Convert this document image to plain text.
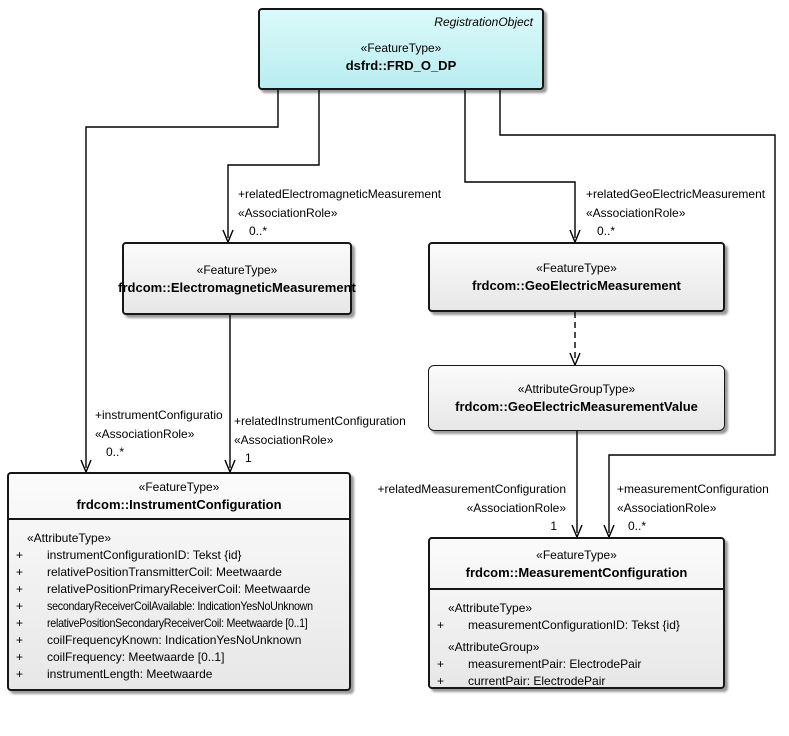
RegistrationObject
«FeatureType»
dsfrd::FRD_O_DP
«FeatureType»
frdcom::ElectromagneticMeasurement
«FeatureType»
frdcom::GeoElectricMeasurement
«AttributeGroupType»
frdcom::GeoElectricMeasurementValue
«FeatureType»
frdcom::InstrumentConfiguration
«AttributeType»
+	instrumentConfigurationID: Tekst {id}
+	relativePositionTransmitterCoil: Meetwaarde
+	relativePositionPrimaryReceiverCoil: Meetwaarde
+	secondaryReceiverCoilAvailable: IndicationYesNoUnknown
+	relativePositionSecondaryReceiverCoil: Meetwaarde [0..1]
+	coilFrequencyKnown: IndicationYesNoUnknown
+	coilFrequency: Meetwaarde [0..1]
+	instrumentLength: Meetwaarde
«FeatureType»
frdcom::MeasurementConfiguration
«AttributeType»
+	measurementConfigurationID: Tekst {id}
«AttributeGroup»
+	measurementPair: ElectrodePair
+	currentPair: ElectrodePair
+relatedElectromagneticMeasurement
«AssociationRole»
0..*
+relatedGeoElectricMeasurement
«AssociationRole»
0..*
+instrumentConfiguratio
«AssociationRole»
0..*
+relatedInstrumentConfiguration
«AssociationRole»
1
+relatedMeasurementConfiguration
«AssociationRole»
1
+measurementConfiguration
«AssociationRole»
0..*
